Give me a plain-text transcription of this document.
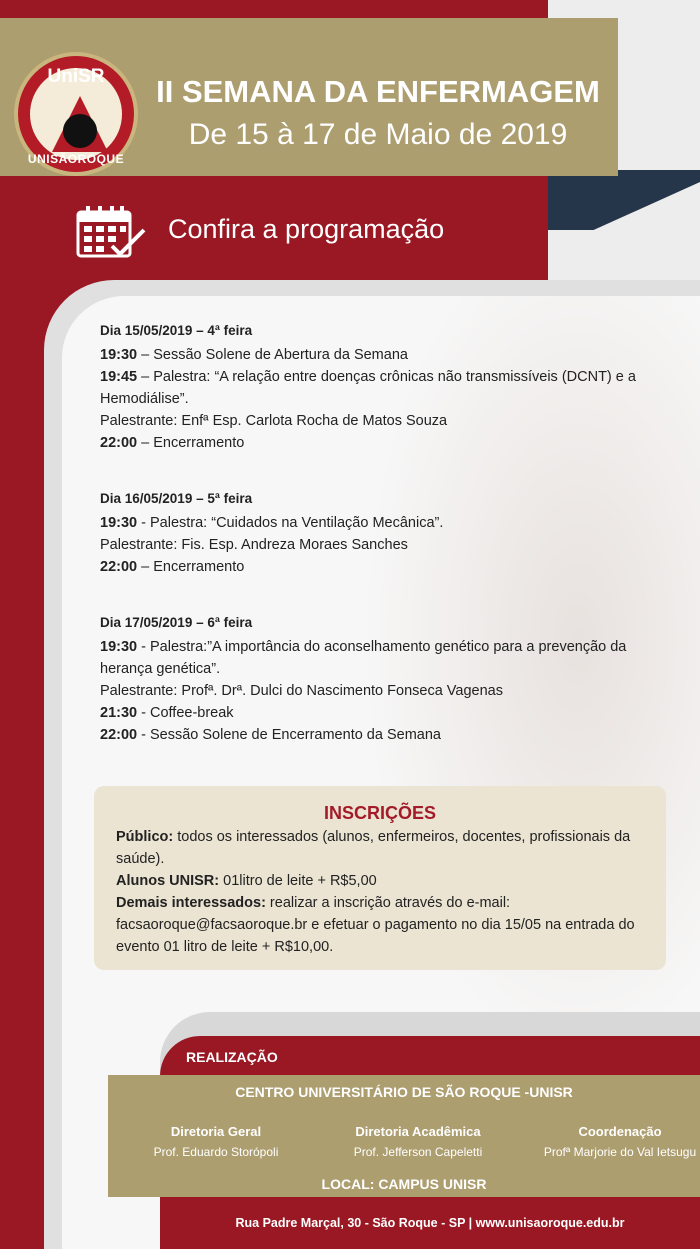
UniSR
UNISÃOROQUE
II SEMANA DA ENFERMAGEM
De 15 à 17 de Maio de 2019
Confira a programação
Dia 15/05/2019 – 4ª feira
19:30 – Sessão Solene de Abertura da Semana
19:45 – Palestra: “A relação entre doenças crônicas não transmissíveis (DCNT) e a Hemodiálise”.
Palestrante: Enfª Esp. Carlota Rocha de Matos Souza
22:00 – Encerramento
Dia 16/05/2019 – 5ª feira
19:30 - Palestra: “Cuidados na Ventilação Mecânica”.
Palestrante: Fis. Esp. Andreza Moraes Sanches
22:00 – Encerramento
Dia 17/05/2019 – 6ª feira
19:30 - Palestra:”A importância do aconselhamento genético para a prevenção da herança genética”.
Palestrante: Profª. Drª. Dulci do Nascimento Fonseca Vagenas
21:30 - Coffee-break
22:00 - Sessão Solene de Encerramento da Semana
INSCRIÇÕES
Público: todos os interessados (alunos, enfermeiros, docentes, profissionais da saúde).
Alunos UNISR: 01litro de leite + R$5,00
Demais interessados: realizar a inscrição através do e-mail: facsaoroque@facsaoroque.br e efetuar o pagamento no dia 15/05 na entrada do evento 01 litro de leite + R$10,00.
REALIZAÇÃO
CENTRO UNIVERSITÁRIO DE SÃO ROQUE -UNISR
Diretoria Geral
Prof. Eduardo Storópoli
Diretoria Acadêmica
Prof. Jefferson Capeletti
Coordenação
Profª Marjorie do Val Ietsugu
LOCAL: CAMPUS UNISR
Rua Padre Marçal, 30 - São Roque - SP | www.unisaoroque.edu.br
